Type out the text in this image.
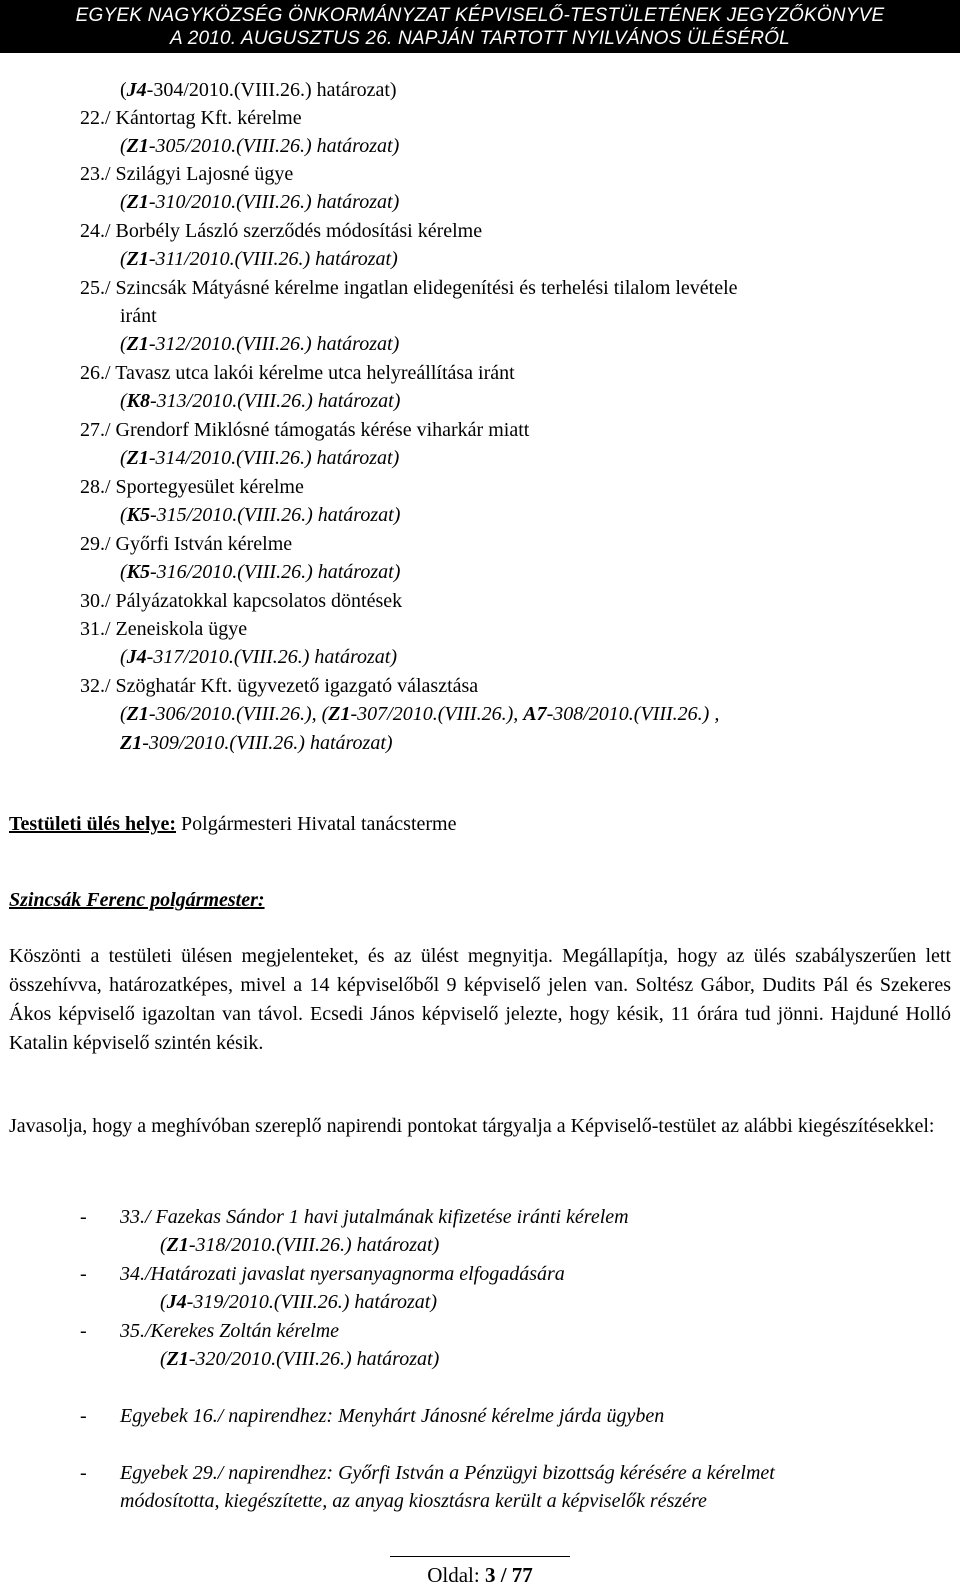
EGYEK NAGYKÖZSÉG ÖNKORMÁNYZAT KÉPVISELŐ-TESTÜLETÉNEK JEGYZŐKÖNYVE
A 2010. AUGUSZTUS 26. NAPJÁN TARTOTT NYILVÁNOS ÜLÉSÉRŐL
(J4-304/2010.(VIII.26.) határozat)
22./ Kántortag Kft. kérelme
(Z1-305/2010.(VIII.26.) határozat)
23./ Szilágyi Lajosné ügye
(Z1-310/2010.(VIII.26.) határozat)
24./ Borbély László szerződés módosítási kérelme
(Z1-311/2010.(VIII.26.) határozat)
25./ Szincsák Mátyásné kérelme ingatlan elidegenítési és terhelési tilalom levétele
iránt
(Z1-312/2010.(VIII.26.) határozat)
26./ Tavasz utca lakói kérelme utca helyreállítása iránt
(K8-313/2010.(VIII.26.) határozat)
27./ Grendorf Miklósné támogatás kérése viharkár miatt
(Z1-314/2010.(VIII.26.) határozat)
28./ Sportegyesület kérelme
(K5-315/2010.(VIII.26.) határozat)
29./ Győrfi István kérelme
(K5-316/2010.(VIII.26.) határozat)
30./ Pályázatokkal kapcsolatos döntések
31./ Zeneiskola ügye
(J4-317/2010.(VIII.26.) határozat)
32./ Szöghatár Kft. ügyvezető igazgató választása
(Z1-306/2010.(VIII.26.), (Z1-307/2010.(VIII.26.), A7-308/2010.(VIII.26.) ,
Z1-309/2010.(VIII.26.) határozat)
Testületi ülés helye: Polgármesteri Hivatal tanácsterme
Szincsák Ferenc polgármester:
Köszönti a testületi ülésen megjelenteket, és az ülést megnyitja. Megállapítja, hogy az ülés szabályszerűen lett összehívva, határozatképes, mivel a 14 képviselőből 9 képviselő jelen van. Soltész Gábor, Dudits Pál és Szekeres Ákos képviselő igazoltan van távol. Ecsedi János képviselő jelezte, hogy késik, 11 órára tud jönni. Hajduné Holló Katalin képviselő szintén késik.
Javasolja, hogy a meghívóban szereplő napirendi pontokat tárgyalja a Képviselő-testület az alábbi kiegészítésekkel:
- 33./ Fazekas Sándor 1 havi jutalmának kifizetése iránti kérelem
(Z1-318/2010.(VIII.26.) határozat)
- 34./Határozati javaslat nyersanyagnorma elfogadására
(J4-319/2010.(VIII.26.) határozat)
- 35./Kerekes Zoltán kérelme
(Z1-320/2010.(VIII.26.) határozat)
- Egyebek 16./ napirendhez: Menyhárt Jánosné kérelme járda ügyben
- Egyebek 29./ napirendhez: Győrfi István a Pénzügyi bizottság kérésére a kérelmet
módosította, kiegészítette, az anyag kiosztásra került a képviselők részére
Oldal: 3 / 77
